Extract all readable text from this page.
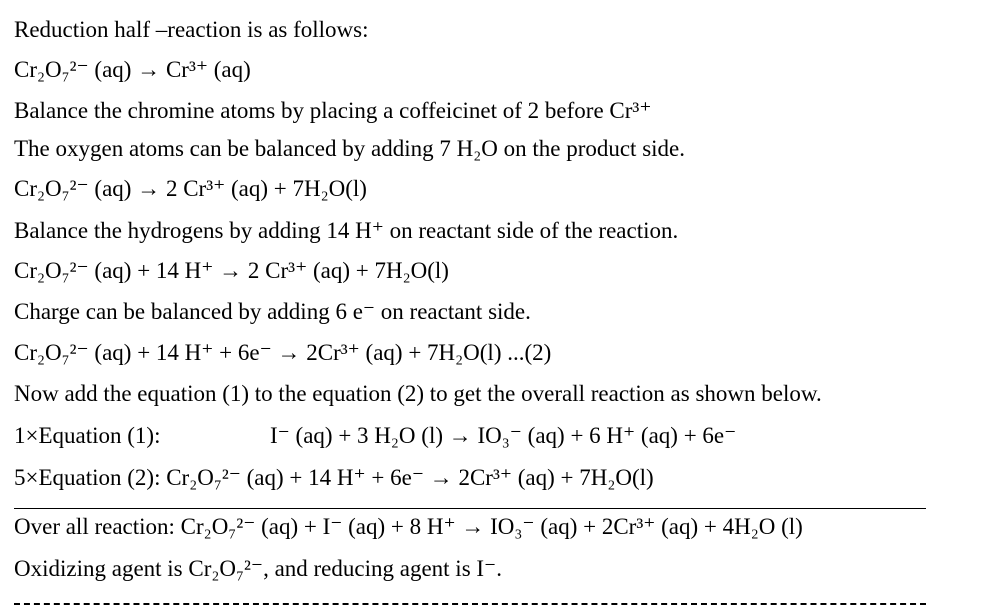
Reduction half –reaction is as follows:
Cr₂O₇²⁻ (aq) → Cr³⁺ (aq)
Balance the chromine atoms by placing a coffeicinet of 2 before Cr³⁺
The oxygen atoms can be balanced by adding 7 H₂O on the product side.
Cr₂O₇²⁻ (aq) → 2 Cr³⁺ (aq) + 7H₂O(l)
Balance the hydrogens by adding 14 H⁺ on reactant side of the reaction.
Cr₂O₇²⁻ (aq) + 14 H⁺ → 2 Cr³⁺ (aq) + 7H₂O(l)
Charge can be balanced by adding 6 e⁻ on reactant side.
Cr₂O₇²⁻ (aq) + 14 H⁺ + 6e⁻ → 2Cr³⁺ (aq) + 7H₂O(l) ...(2)
Now add the equation (1) to the equation (2) to get the overall reaction as shown below.
1×Equation (1):	I⁻ (aq) + 3 H₂O (l) → IO₃⁻ (aq) + 6 H⁺ (aq) + 6e⁻
5×Equation (2): Cr₂O₇²⁻ (aq) + 14 H⁺ + 6e⁻ → 2Cr³⁺ (aq) + 7H₂O(l)
Over all reaction: Cr₂O₇²⁻ (aq) + I⁻ (aq) + 8 H⁺ → IO₃⁻ (aq) + 2Cr³⁺ (aq) + 4H₂O (l)
Oxidizing agent is Cr₂O₇²⁻, and reducing agent is I⁻.
